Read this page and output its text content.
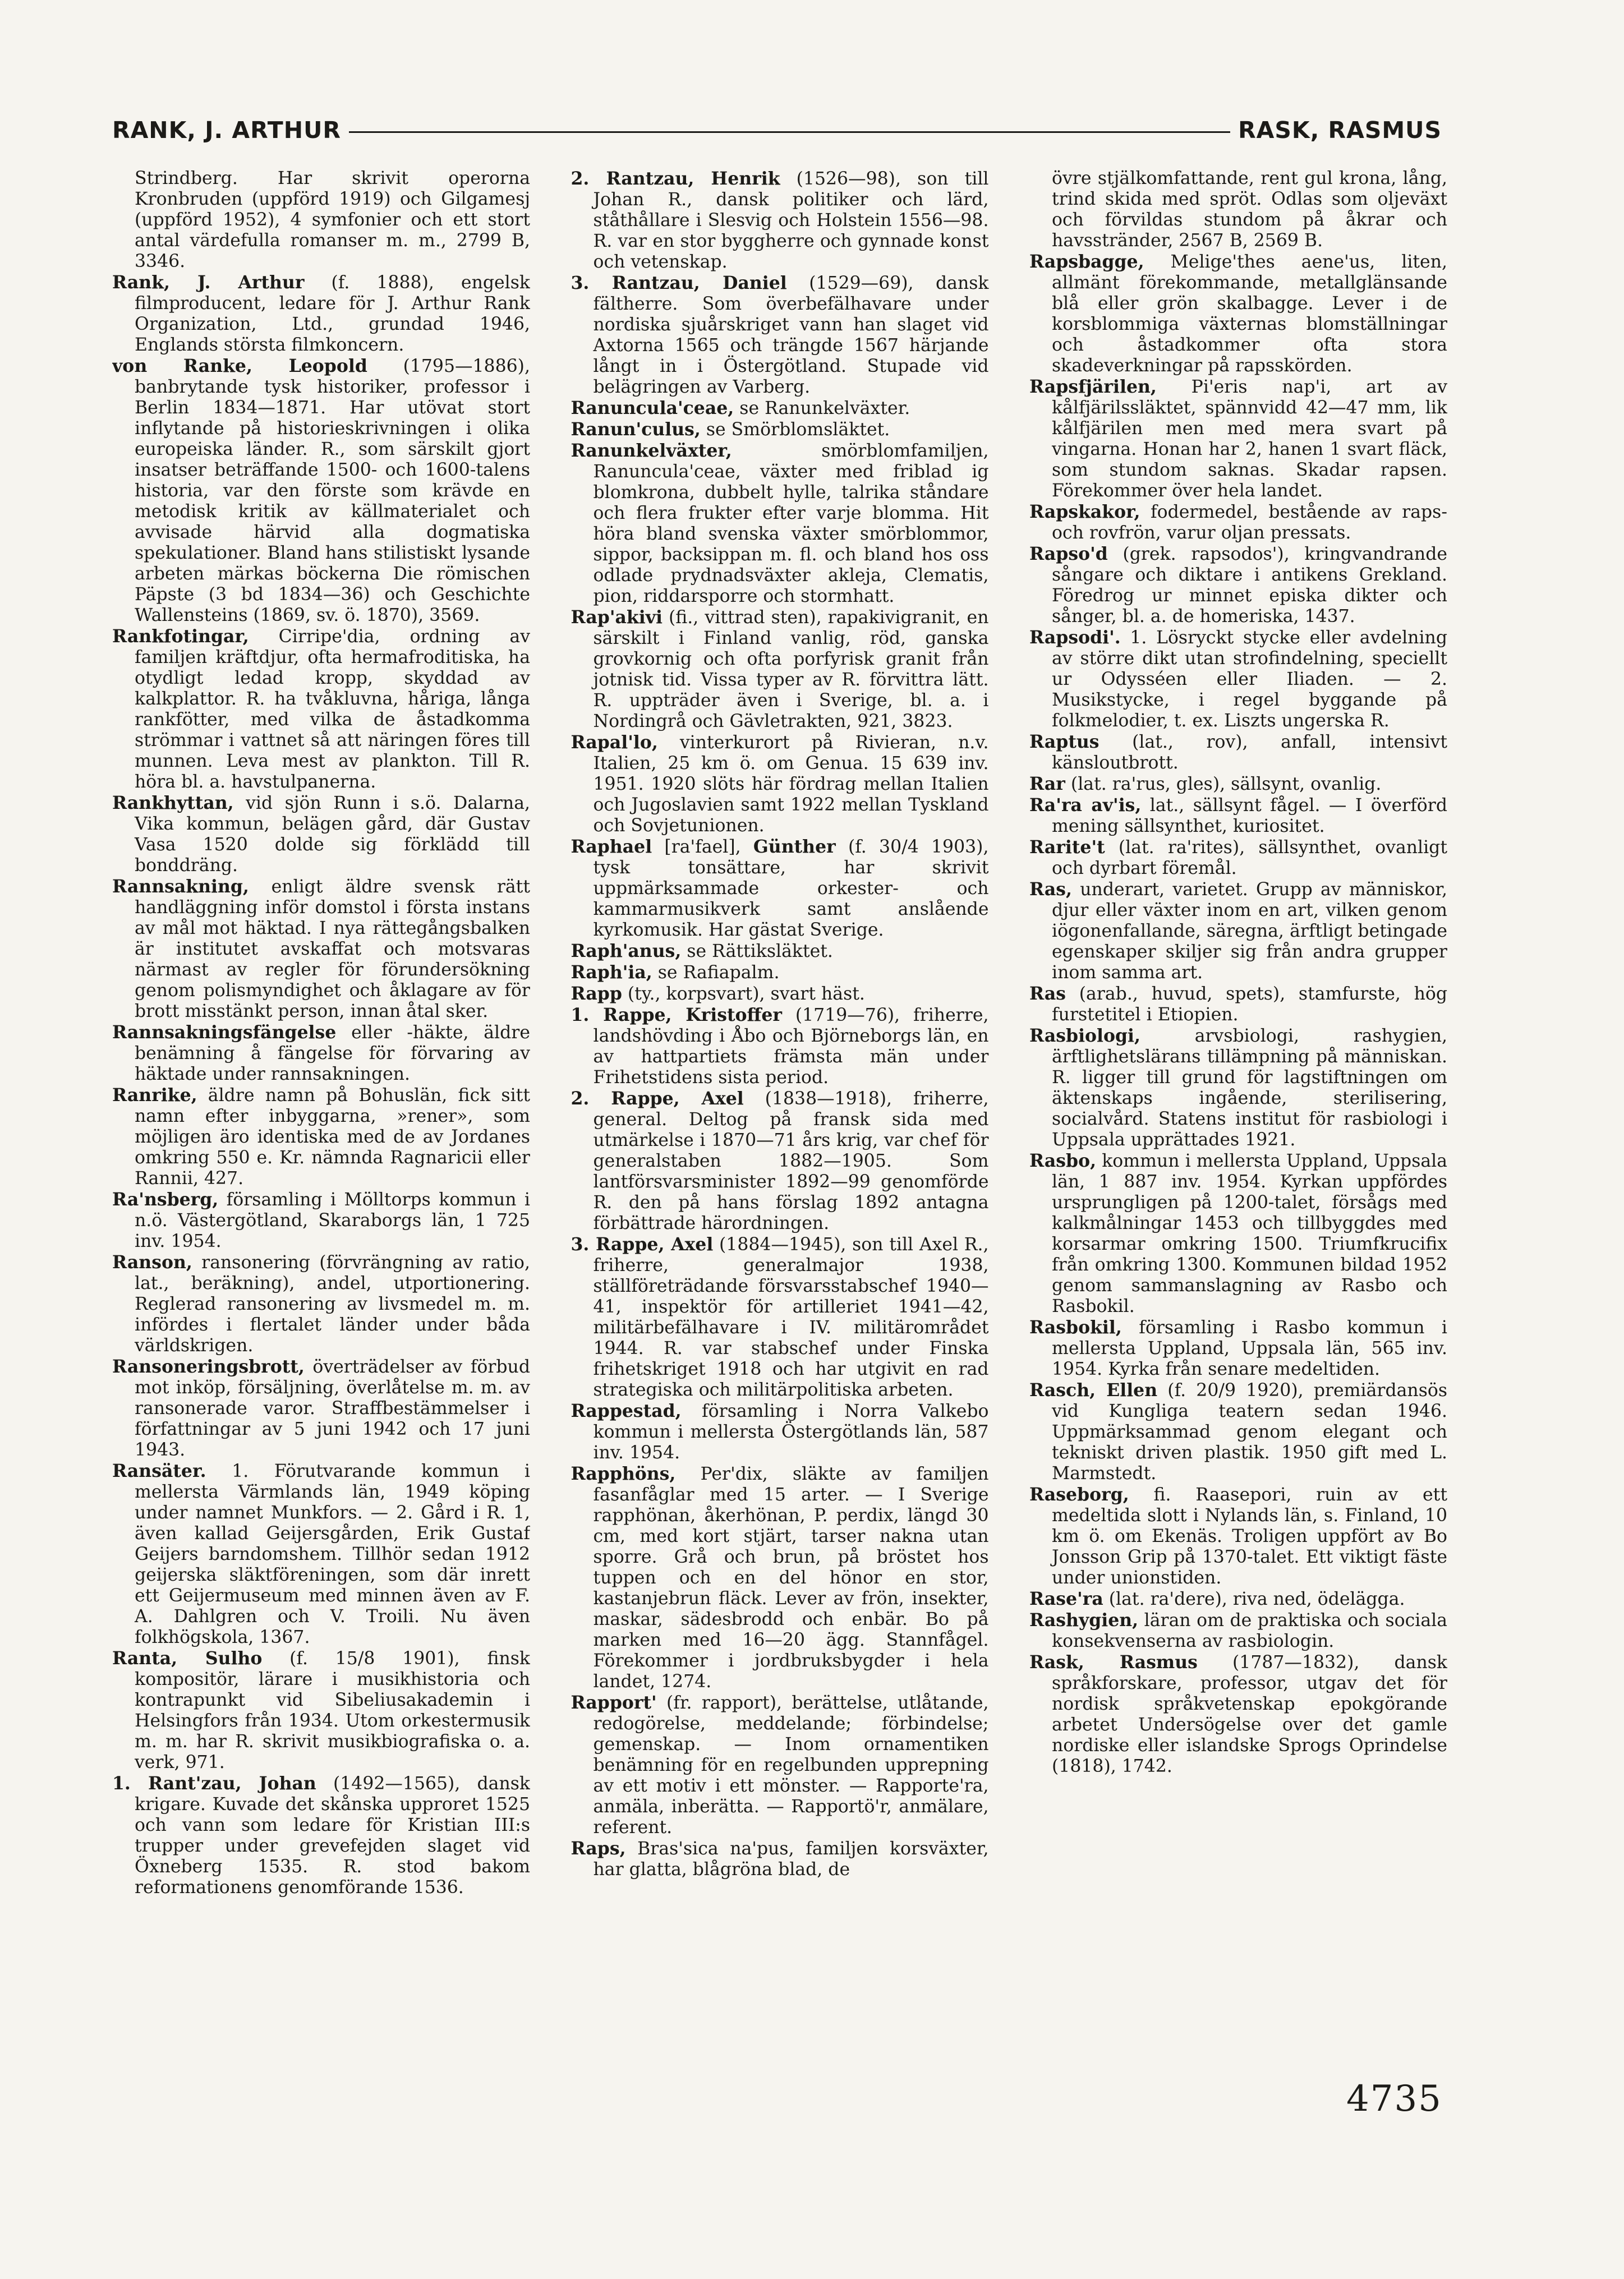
RANK, J. ARTHUR	RASK, RASMUS

Strindberg. Har skrivit operorna Kronbruden (uppförd 1919) och Gilgamesj (uppförd 1952), 4 symfonier och ett stort antal värdefulla romanser m. m., 2799 B, 3346.

Rank, J. Arthur (f. 1888), engelsk filmproducent, ledare för J. Arthur Rank Organization, Ltd., grundad 1946, Englands största filmkoncern.

von Ranke, Leopold (1795—1886), banbrytande tysk historiker, professor i Berlin 1834—1871. Har utövat stort inflytande på historieskrivningen i olika europeiska länder. R., som särskilt gjort insatser beträffande 1500- och 1600-talens historia, var den förste som krävde en metodisk kritik av källmaterialet och avvisade härvid alla dogmatiska spekulationer. Bland hans stilistiskt lysande arbeten märkas böckerna Die römischen Päpste (3 bd 1834—36) och Geschichte Wallensteins (1869, sv. ö. 1870), 3569.

Rankfotingar, Cirripe'dia, ordning av familjen kräftdjur, ofta hermafroditiska, ha otydligt ledad kropp, skyddad av kalkplattor. R. ha tvåkluvna, håriga, långa rankfötter, med vilka de åstadkomma strömmar i vattnet så att näringen föres till munnen. Leva mest av plankton. Till R. höra bl. a. havstulpanerna.

Rankhyttan, vid sjön Runn i s.ö. Dalarna, Vika kommun, belägen gård, där Gustav Vasa 1520 dolde sig förklädd till bonddräng.

Rannsakning, enligt äldre svensk rätt handläggning inför domstol i första instans av mål mot häktad. I nya rättegångsbalken är institutet avskaffat och motsvaras närmast av regler för förundersökning genom polismyndighet och åklagare av för brott misstänkt person, innan åtal sker.

Rannsakningsfängelse eller -häkte, äldre benämning å fängelse för förvaring av häktade under rannsakningen.

Ranrike, äldre namn på Bohuslän, fick sitt namn efter inbyggarna, »rener», som möjligen äro identiska med de av Jordanes omkring 550 e. Kr. nämnda Ragnaricii eller Rannii, 427.

Ra'nsberg, församling i Mölltorps kommun i n.ö. Västergötland, Skaraborgs län, 1 725 inv. 1954.

Ranson, ransonering (förvrängning av ratio, lat., beräkning), andel, utportionering. Reglerad ransonering av livsmedel m. m. infördes i flertalet länder under båda världskrigen.

Ransoneringsbrott, överträdelser av förbud mot inköp, försäljning, överlåtelse m. m. av ransonerade varor. Straffbestämmelser i författningar av 5 juni 1942 och 17 juni 1943.

Ransäter. 1. Förutvarande kommun i mellersta Värmlands län, 1949 köping under namnet Munkfors. — 2. Gård i R. 1, även kallad Geijersgården, Erik Gustaf Geijers barndomshem. Tillhör sedan 1912 geijerska släktföreningen, som där inrett ett Geijermuseum med minnen även av F. A. Dahlgren och V. Troili. Nu även folkhögskola, 1367.

Ranta, Sulho (f. 15/8 1901), finsk kompositör, lärare i musikhistoria och kontrapunkt vid Sibeliusakademin i Helsingfors från 1934. Utom orkestermusik m. m. har R. skrivit musikbiografiska o. a. verk, 971.

1. Rant'zau, Johan (1492—1565), dansk krigare. Kuvade det skånska upproret 1525 och vann som ledare för Kristian III:s trupper under grevefejden slaget vid Öxneberg 1535. R. stod bakom reformationens genomförande 1536.

2. Rantzau, Henrik (1526—98), son till Johan R., dansk politiker och lärd, ståthållare i Slesvig och Holstein 1556—98. R. var en stor byggherre och gynnade konst och vetenskap.

3. Rantzau, Daniel (1529—69), dansk fältherre. Som överbefälhavare under nordiska sjuårskriget vann han slaget vid Axtorna 1565 och trängde 1567 härjande långt in i Östergötland. Stupade vid belägringen av Varberg.

Ranuncula'ceae, se Ranunkelväxter.

Ranun'culus, se Smörblomsläktet.

Ranunkelväxter, smörblomfamiljen, Ranuncula'ceae, växter med friblad ig blomkrona, dubbelt hylle, talrika ståndare och flera frukter efter varje blomma. Hit höra bland svenska växter smörblommor, sippor, backsippan m. fl. och bland hos oss odlade prydnadsväxter akleja, Clematis, pion, riddarsporre och stormhatt.

Rap'akivi (fi., vittrad sten), rapakivigranit, en särskilt i Finland vanlig, röd, ganska grovkornig och ofta porfyrisk granit från jotnisk tid. Vissa typer av R. förvittra lätt. R. uppträder även i Sverige, bl. a. i Nordingrå och Gävletrakten, 921, 3823.

Rapal'lo, vinterkurort på Rivieran, n.v. Italien, 25 km ö. om Genua. 15 639 inv. 1951. 1920 slöts här fördrag mellan Italien och Jugoslavien samt 1922 mellan Tyskland och Sovjetunionen.

Raphael [ra'fael], Günther (f. 30/4 1903), tysk tonsättare, har skrivit uppmärksammade orkester- och kammarmusikverk samt anslående kyrkomusik. Har gästat Sverige.

Raph'anus, se Rättiksläktet.

Raph'ia, se Rafiapalm.

Rapp (ty., korpsvart), svart häst.

1. Rappe, Kristoffer (1719—76), friherre, landshövding i Åbo och Björneborgs län, en av hattpartiets främsta män under Frihetstidens sista period.

2. Rappe, Axel (1838—1918), friherre, general. Deltog på fransk sida med utmärkelse i 1870—71 års krig, var chef för generalstaben 1882—1905. Som lantförsvarsminister 1892—99 genomförde R. den på hans förslag 1892 antagna förbättrade härordningen.

3. Rappe, Axel (1884—1945), son till Axel R., friherre, generalmajor 1938, ställföreträdande försvarsstabschef 1940—41, inspektör för artilleriet 1941—42, militärbefälhavare i IV. militärområdet 1944. R. var stabschef under Finska frihetskriget 1918 och har utgivit en rad strategiska och militärpolitiska arbeten.

Rappestad, församling i Norra Valkebo kommun i mellersta Östergötlands län, 587 inv. 1954.

Rapphöns, Per'dix, släkte av familjen fasanfåglar med 15 arter. — I Sverige rapphönan, åkerhönan, P. perdix, längd 30 cm, med kort stjärt, tarser nakna utan sporre. Grå och brun, på bröstet hos tuppen och en del hönor en stor, kastanjebrun fläck. Lever av frön, insekter, maskar, sädesbrodd och enbär. Bo på marken med 16—20 ägg. Stannfågel. Förekommer i jordbruksbygder i hela landet, 1274.

Rapport' (fr. rapport), berättelse, utlåtande, redogörelse, meddelande; förbindelse; gemenskap. — Inom ornamentiken benämning för en regelbunden upprepning av ett motiv i ett mönster. — Rapporte'ra, anmäla, inberätta. — Rapportö'r, anmälare, referent.

Raps, Bras'sica na'pus, familjen korsväxter, har glatta, blågröna blad, de

övre stjälkomfattande, rent gul krona, lång, trind skida med spröt. Odlas som oljeväxt och förvildas stundom på åkrar och havsstränder, 2567 B, 2569 B.

Rapsbagge, Melige'thes aene'us, liten, allmänt förekommande, metallglänsande blå eller grön skalbagge. Lever i de korsblommiga växternas blomställningar och åstadkommer ofta stora skadeverkningar på rapsskörden.

Rapsfjärilen, Pi'eris nap'i, art av kålfjärilssläktet, spännvidd 42—47 mm, lik kålfjärilen men med mera svart på vingarna. Honan har 2, hanen 1 svart fläck, som stundom saknas. Skadar rapsen. Förekommer över hela landet.

Rapskakor, fodermedel, bestående av raps- och rovfrön, varur oljan pressats.

Rapso'd (grek. rapsodos'), kringvandrande sångare och diktare i antikens Grekland. Föredrog ur minnet episka dikter och sånger, bl. a. de homeriska, 1437.

Rapsodi'. 1. Lösryckt stycke eller avdelning av större dikt utan strofindelning, speciellt ur Odysséen eller Iliaden. — 2. Musikstycke, i regel byggande på folkmelodier, t. ex. Liszts ungerska R.

Raptus (lat., rov), anfall, intensivt känsloutbrott.

Rar (lat. ra'rus, gles), sällsynt, ovanlig.

Ra'ra av'is, lat., sällsynt fågel. — I överförd mening sällsynthet, kuriositet.

Rarite't (lat. ra'rites), sällsynthet, ovanligt och dyrbart föremål.

Ras, underart, varietet. Grupp av människor, djur eller växter inom en art, vilken genom iögonenfallande, säregna, ärftligt betingade egenskaper skiljer sig från andra grupper inom samma art.

Ras (arab., huvud, spets), stamfurste, hög furstetitel i Etiopien.

Rasbiologi, arvsbiologi, rashygien, ärftlighetslärans tillämpning på människan. R. ligger till grund för lagstiftningen om äktenskaps ingående, sterilisering, socialvård. Statens institut för rasbiologi i Uppsala upprättades 1921.

Rasbo, kommun i mellersta Uppland, Uppsala län, 1 887 inv. 1954. Kyrkan uppfördes ursprungligen på 1200-talet, försågs med kalkmålningar 1453 och tillbyggdes med korsarmar omkring 1500. Triumfkrucifix från omkring 1300. Kommunen bildad 1952 genom sammanslagning av Rasbo och Rasbokil.

Rasbokil, församling i Rasbo kommun i mellersta Uppland, Uppsala län, 565 inv. 1954. Kyrka från senare medeltiden.

Rasch, Ellen (f. 20/9 1920), premiärdansös vid Kungliga teatern sedan 1946. Uppmärksammad genom elegant och tekniskt driven plastik. 1950 gift med L. Marmstedt.

Raseborg, fi. Raasepori, ruin av ett medeltida slott i Nylands län, s. Finland, 10 km ö. om Ekenäs. Troligen uppfört av Bo Jonsson Grip på 1370-talet. Ett viktigt fäste under unionstiden.

Rase'ra (lat. ra'dere), riva ned, ödelägga.

Rashygien, läran om de praktiska och sociala konsekvenserna av rasbiologin.

Rask, Rasmus (1787—1832), dansk språkforskare, professor, utgav det för nordisk språkvetenskap epokgörande arbetet Undersögelse over det gamle nordiske eller islandske Sprogs Oprindelse (1818), 1742.

4735
